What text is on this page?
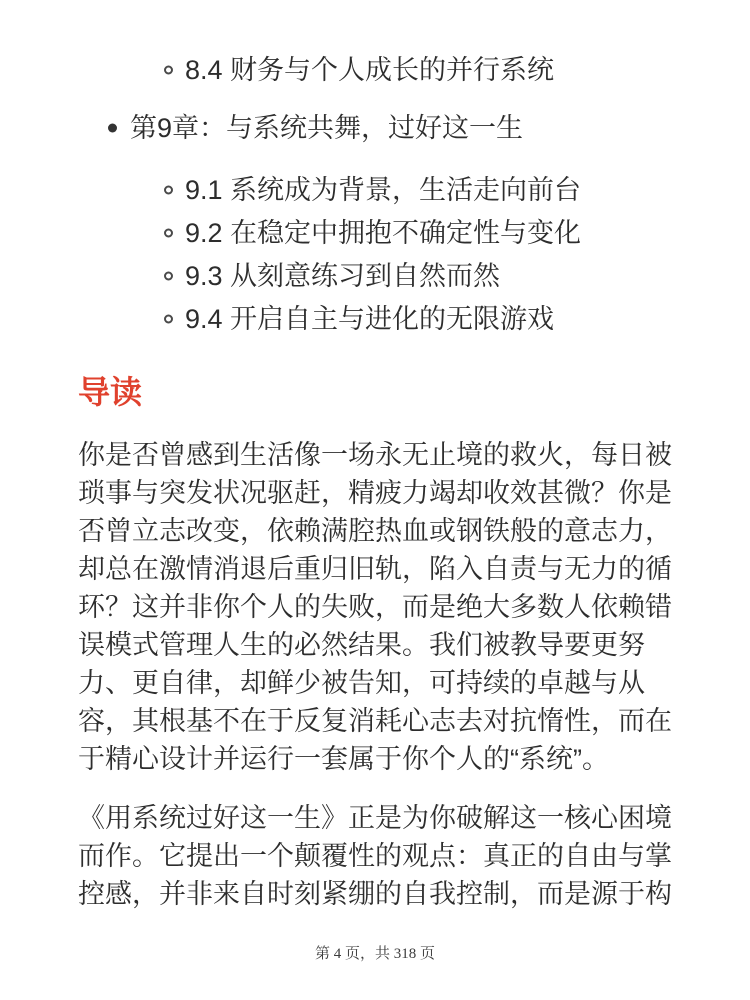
8.4 财务与个人成长的并行系统
第9章：与系统共舞，过好这一生
9.1 系统成为背景，生活走向前台
9.2 在稳定中拥抱不确定性与变化
9.3 从刻意练习到自然而然
9.4 开启自主与进化的无限游戏
导读

你是否曾感到生活像一场永无止境的救火，每日被琐事与突发状况驱赶，精疲力竭却收效甚微？你是否曾立志改变，依赖满腔热血或钢铁般的意志力，却总在激情消退后重归旧轨，陷入自责与无力的循环？这并非你个人的失败，而是绝大多数人依赖错误模式管理人生的必然结果。我们被教导要更努力、更自律，却鲜少被告知，可持续的卓越与从容，其根基不在于反复消耗心志去对抗惰性，而在于精心设计并运行一套属于你个人的“系统”。

《用系统过好这一生》正是为你破解这一核心困境而作。它提出一个颠覆性的观点：真正的自由与掌控感，并非来自时刻紧绷的自我控制，而是源于构

第 4 页，共 318 页
